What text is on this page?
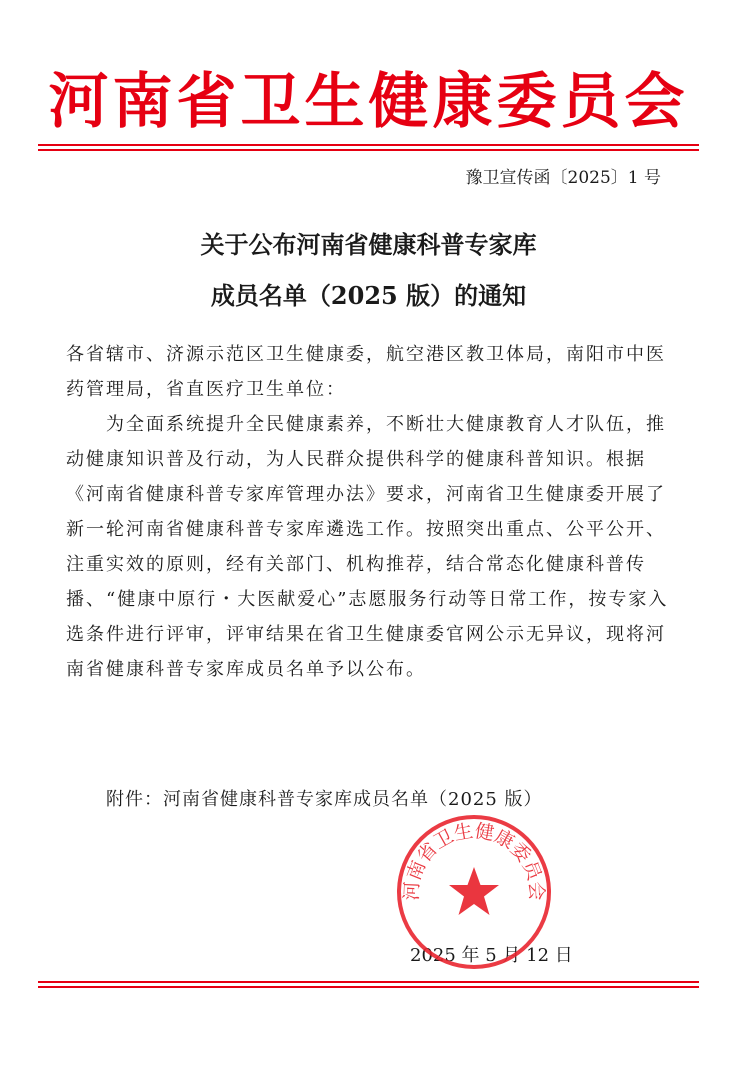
河南省卫生健康委员会
豫卫宣传函〔2025〕1 号
关于公布河南省健康科普专家库
成员名单（2025 版）的通知

各省辖市、济源示范区卫生健康委，航空港区教卫体局，南阳市中医药管理局，省直医疗卫生单位：

为全面系统提升全民健康素养，不断壮大健康教育人才队伍，推动健康知识普及行动，为人民群众提供科学的健康科普知识。根据《河南省健康科普专家库管理办法》要求，河南省卫生健康委开展了新一轮河南省健康科普专家库遴选工作。按照突出重点、公平公开、注重实效的原则，经有关部门、机构推荐，结合常态化健康科普传播、“健康中原行・大医献爱心”志愿服务行动等日常工作，按专家入选条件进行评审，评审结果在省卫生健康委官网公示无异议，现将河南省健康科普专家库成员名单予以公布。

附件：河南省健康科普专家库成员名单（2025 版）
2025 年 5 月 12 日
河南省卫生健康委员会
